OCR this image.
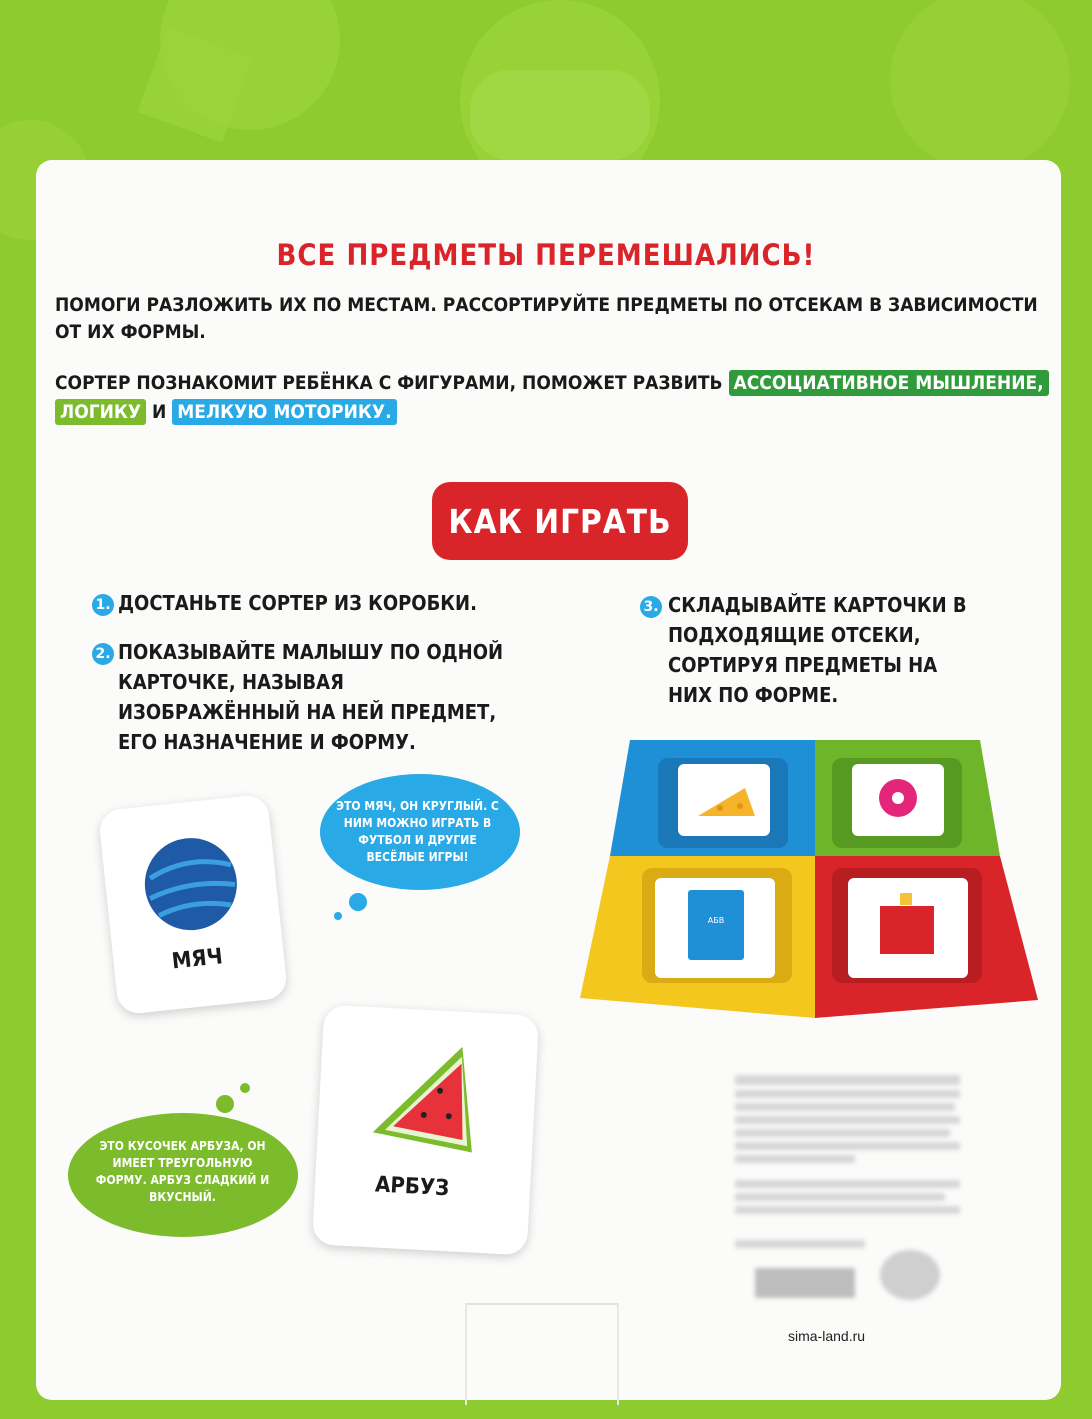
ВСЕ ПРЕДМЕТЫ ПЕРЕМЕШАЛИСЬ!

ПОМОГИ РАЗЛОЖИТЬ ИХ ПО МЕСТАМ. РАССОРТИРУЙТЕ ПРЕДМЕТЫ ПО ОТСЕКАМ В ЗАВИСИМОСТИ ОТ ИХ ФОРМЫ.

СОРТЕР ПОЗНАКОМИТ РЕБЁНКА С ФИГУРАМИ, ПОМОЖЕТ РАЗВИТЬ АССОЦИАТИВНОЕ МЫШЛЕНИЕ,
ЛОГИКУ И МЕЛКУЮ МОТОРИКУ.

КАК ИГРАТЬ
1. ДОСТАНЬТЕ СОРТЕР ИЗ КОРОБКИ.

2. ПОКАЗЫВАЙТЕ МАЛЫШУ ПО ОДНОЙ КАРТОЧКЕ, НАЗЫВАЯ ИЗОБРАЖЁННЫЙ НА НЕЙ ПРЕДМЕТ, ЕГО НАЗНАЧЕНИЕ И ФОРМУ.

3. СКЛАДЫВАЙТЕ КАРТОЧКИ В ПОДХОДЯЩИЕ ОТСЕКИ, СОРТИРУЯ ПРЕДМЕТЫ НА НИХ ПО ФОРМЕ.

АБВ
МЯЧ
ЭТО МЯЧ, ОН КРУГЛЫЙ. С НИМ МОЖНО ИГРАТЬ В ФУТБОЛ И ДРУГИЕ ВЕСЁЛЫЕ ИГРЫ!
АРБУЗ
ЭТО КУСОЧЕК АРБУЗА, ОН ИМЕЕТ ТРЕУГОЛЬНУЮ ФОРМУ. АРБУЗ СЛАДКИЙ И ВКУСНЫЙ.
sima-land.ru
